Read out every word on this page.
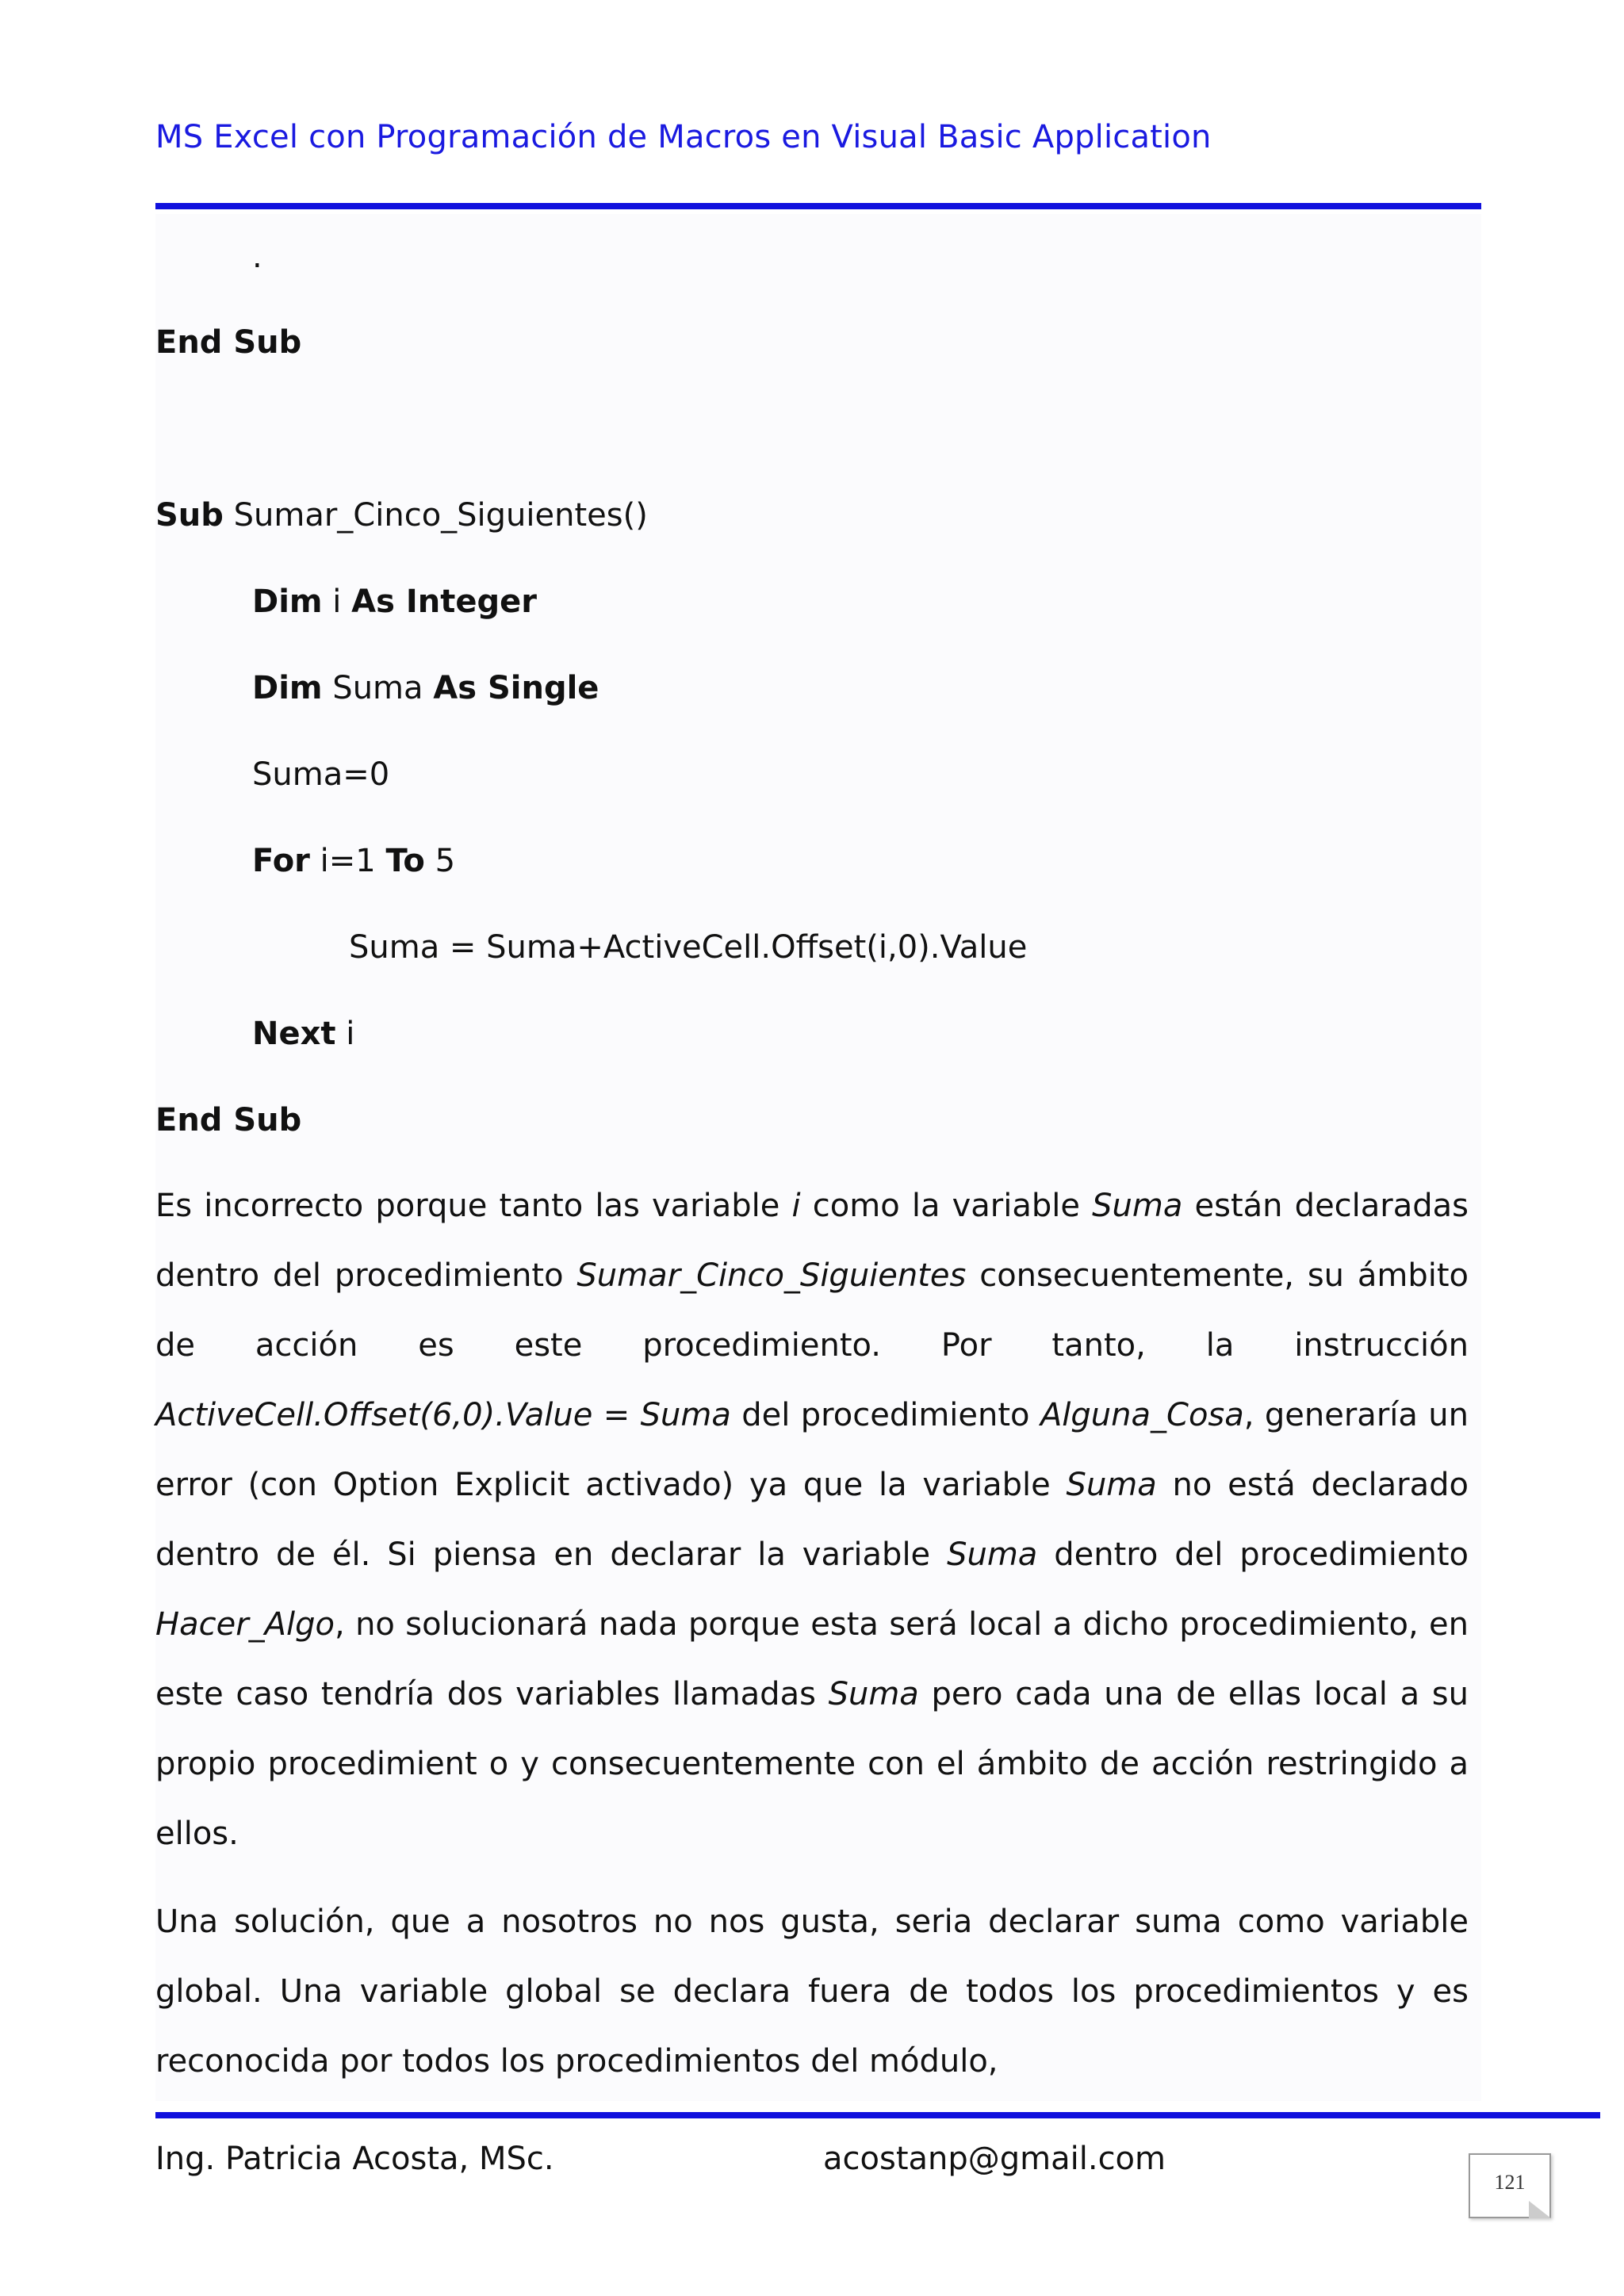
MS Excel con Programación de Macros en Visual Basic Application
.
End Sub
Sub Sumar_Cinco_Siguientes()
Dim i As Integer
Dim Suma As Single
Suma=0
For i=1 To 5
Suma = Suma+ActiveCell.Offset(i,0).Value
Next i
End Sub
Es incorrecto porque tanto las variable i como la variable Suma están declaradas dentro del procedimiento Sumar_Cinco_Siguientes consecuentemente, su ámbito de acción es este procedimiento. Por tanto, la instrucción ActiveCell.Offset(6,0).Value = Suma del procedimiento Alguna_Cosa, generaría un error (con Option Explicit activado) ya que la variable Suma no está declarado dentro de él. Si piensa en declarar la variable Suma dentro del procedimiento Hacer_Algo, no solucionará nada porque esta será local a dicho procedimiento, en este caso tendría dos variables llamadas Suma pero cada una de ellas local a su propio procedimient o y consecuentemente con el ámbito de acción restringido a ellos.
Una solución, que a nosotros no nos gusta, seria declarar suma como variable global. Una variable global se declara fuera de todos los procedimientos y es reconocida por todos los procedimientos del módulo,
Ing. Patricia Acosta, MSc.	acostanp@gmail.com
121
